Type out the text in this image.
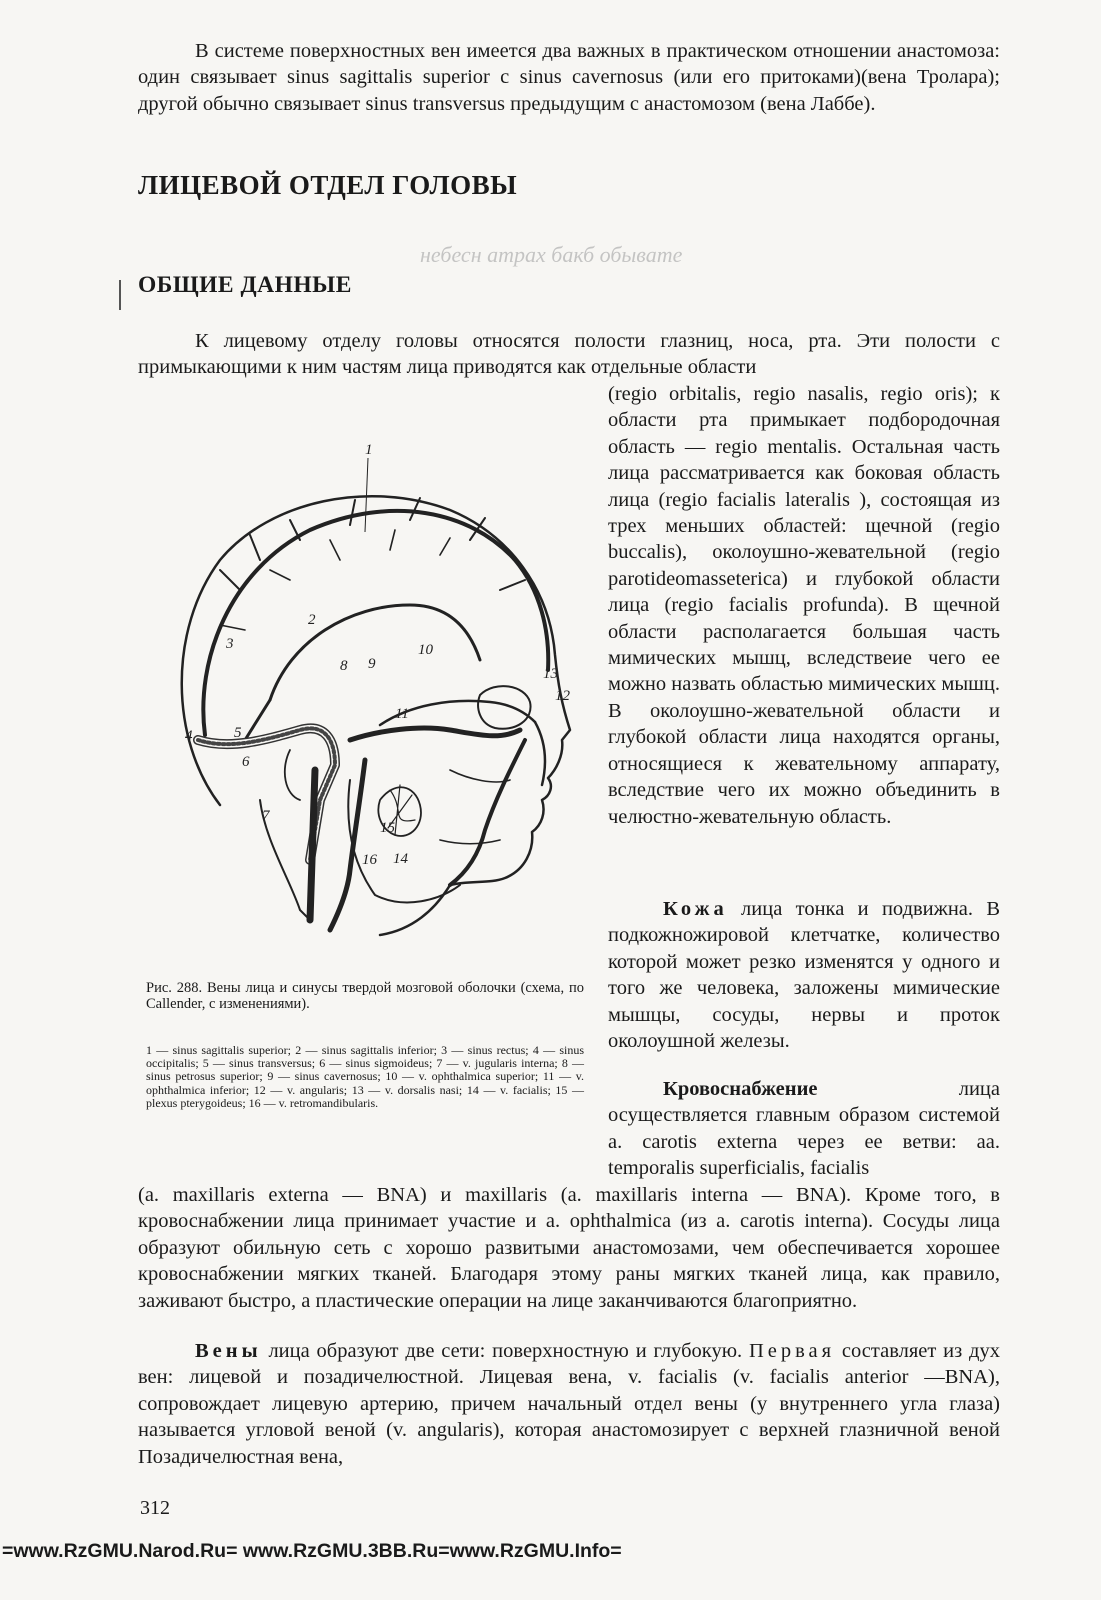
В системе поверхностных вен имеется два важных в практическом отношении анастомоза: один связывает sinus sagittalis superior с sinus cavernosus (или его притоками)(вена Тролара); другой обычно связывает sinus transversus предыдущим с анастомозом (вена Лаббе).

ЛИЦЕВОЙ ОТДЕЛ ГОЛОВЫ
ОБЩИЕ ДАННЫЕ
небесн атрах бакб обывате

К лицевому отделу головы относятся полости глазниц, носа, рта. Эти полости с примыкающими к ним частям лица приводятся как отдельные области

(regio orbitalis, regio nasalis, regio oris); к области рта примыкает подбородочная область — regio mentalis. Остальная часть лица рассматривается как боковая область лица (regio facialis lateralis ), состоящая из трех меньших областей: щечной (regio buccalis), околоушно-жевательной (regio parotideomasseterica) и глубокой области лица (regio facialis profunda). В щечной области располагается большая часть мимических мышц, вследствеие чего ее можно назвать областью мимических мышц. В околоушно-жевательной области и глубокой области лица находятся органы, относящиеся к жевательному аппарату, вследствие чего их можно объединить в челюстно-жевательную область.

Кожа лица тонка и подвижна. В подкожножировой клетчатке, количество которой может резко изменятся у одного и того же человека, заложены мимические мышцы, сосуды, нервы и проток околоушной железы.

Кровоснабжение	лица осуществляется главным образом системой a. carotis externa через ее ветви: aa. temporalis superficialis, facialis

(a. maxillaris externa — BNA) и maxillaris (a. maxillaris interna — BNA). Кроме того, в кровоснабжении лица принимает участие и a. ophthalmica (из a. carotis interna). Сосуды лица образуют обильную сеть с хорошо развитыми анастомозами, чем обеспечивается хорошее кровоснабжении мягких тканей. Благодаря этому раны мягких тканей лица, как правило, заживают быстро, а пластические операции на лице заканчиваются благоприятно.

Вены лица образуют две сети: поверхностную и глубокую. Первая составляет из дух вен: лицевой и позадичелюстной. Лицевая вена, v. facialis (v. facialis anterior —BNA), сопровождает лицевую артерию, причем начальный отдел вены (у внутреннего угла глаза) называется угловой веной (v. angularis), которая анастомозирует с верхней глазничной веной Позадичелюстная вена,

1
2
3
4	5
6
7
8 9
10
11
12
13
14
15
16

Рис. 288. Вены лица и синусы твердой мозговой оболочки (схема, по Callender, с изменениями).

1 — sinus sagittalis superior; 2 — sinus sagittalis inferior; 3 — sinus rectus; 4 — sinus occipitalis; 5 — sinus transversus; 6 — sinus sigmoideus; 7 — v. jugularis interna; 8 — sinus petrosus superior; 9 — sinus cavernosus; 10 — v. ophthalmica superior; 11 — v. ophthalmica inferior; 12 — v. angularis; 13 — v. dorsalis nasi; 14 — v. facialis; 15 — plexus pterygoideus; 16 — v. retromandibularis.

312
=www.RzGMU.Narod.Ru= www.RzGMU.3BB.Ru=www.RzGMU.Info=
